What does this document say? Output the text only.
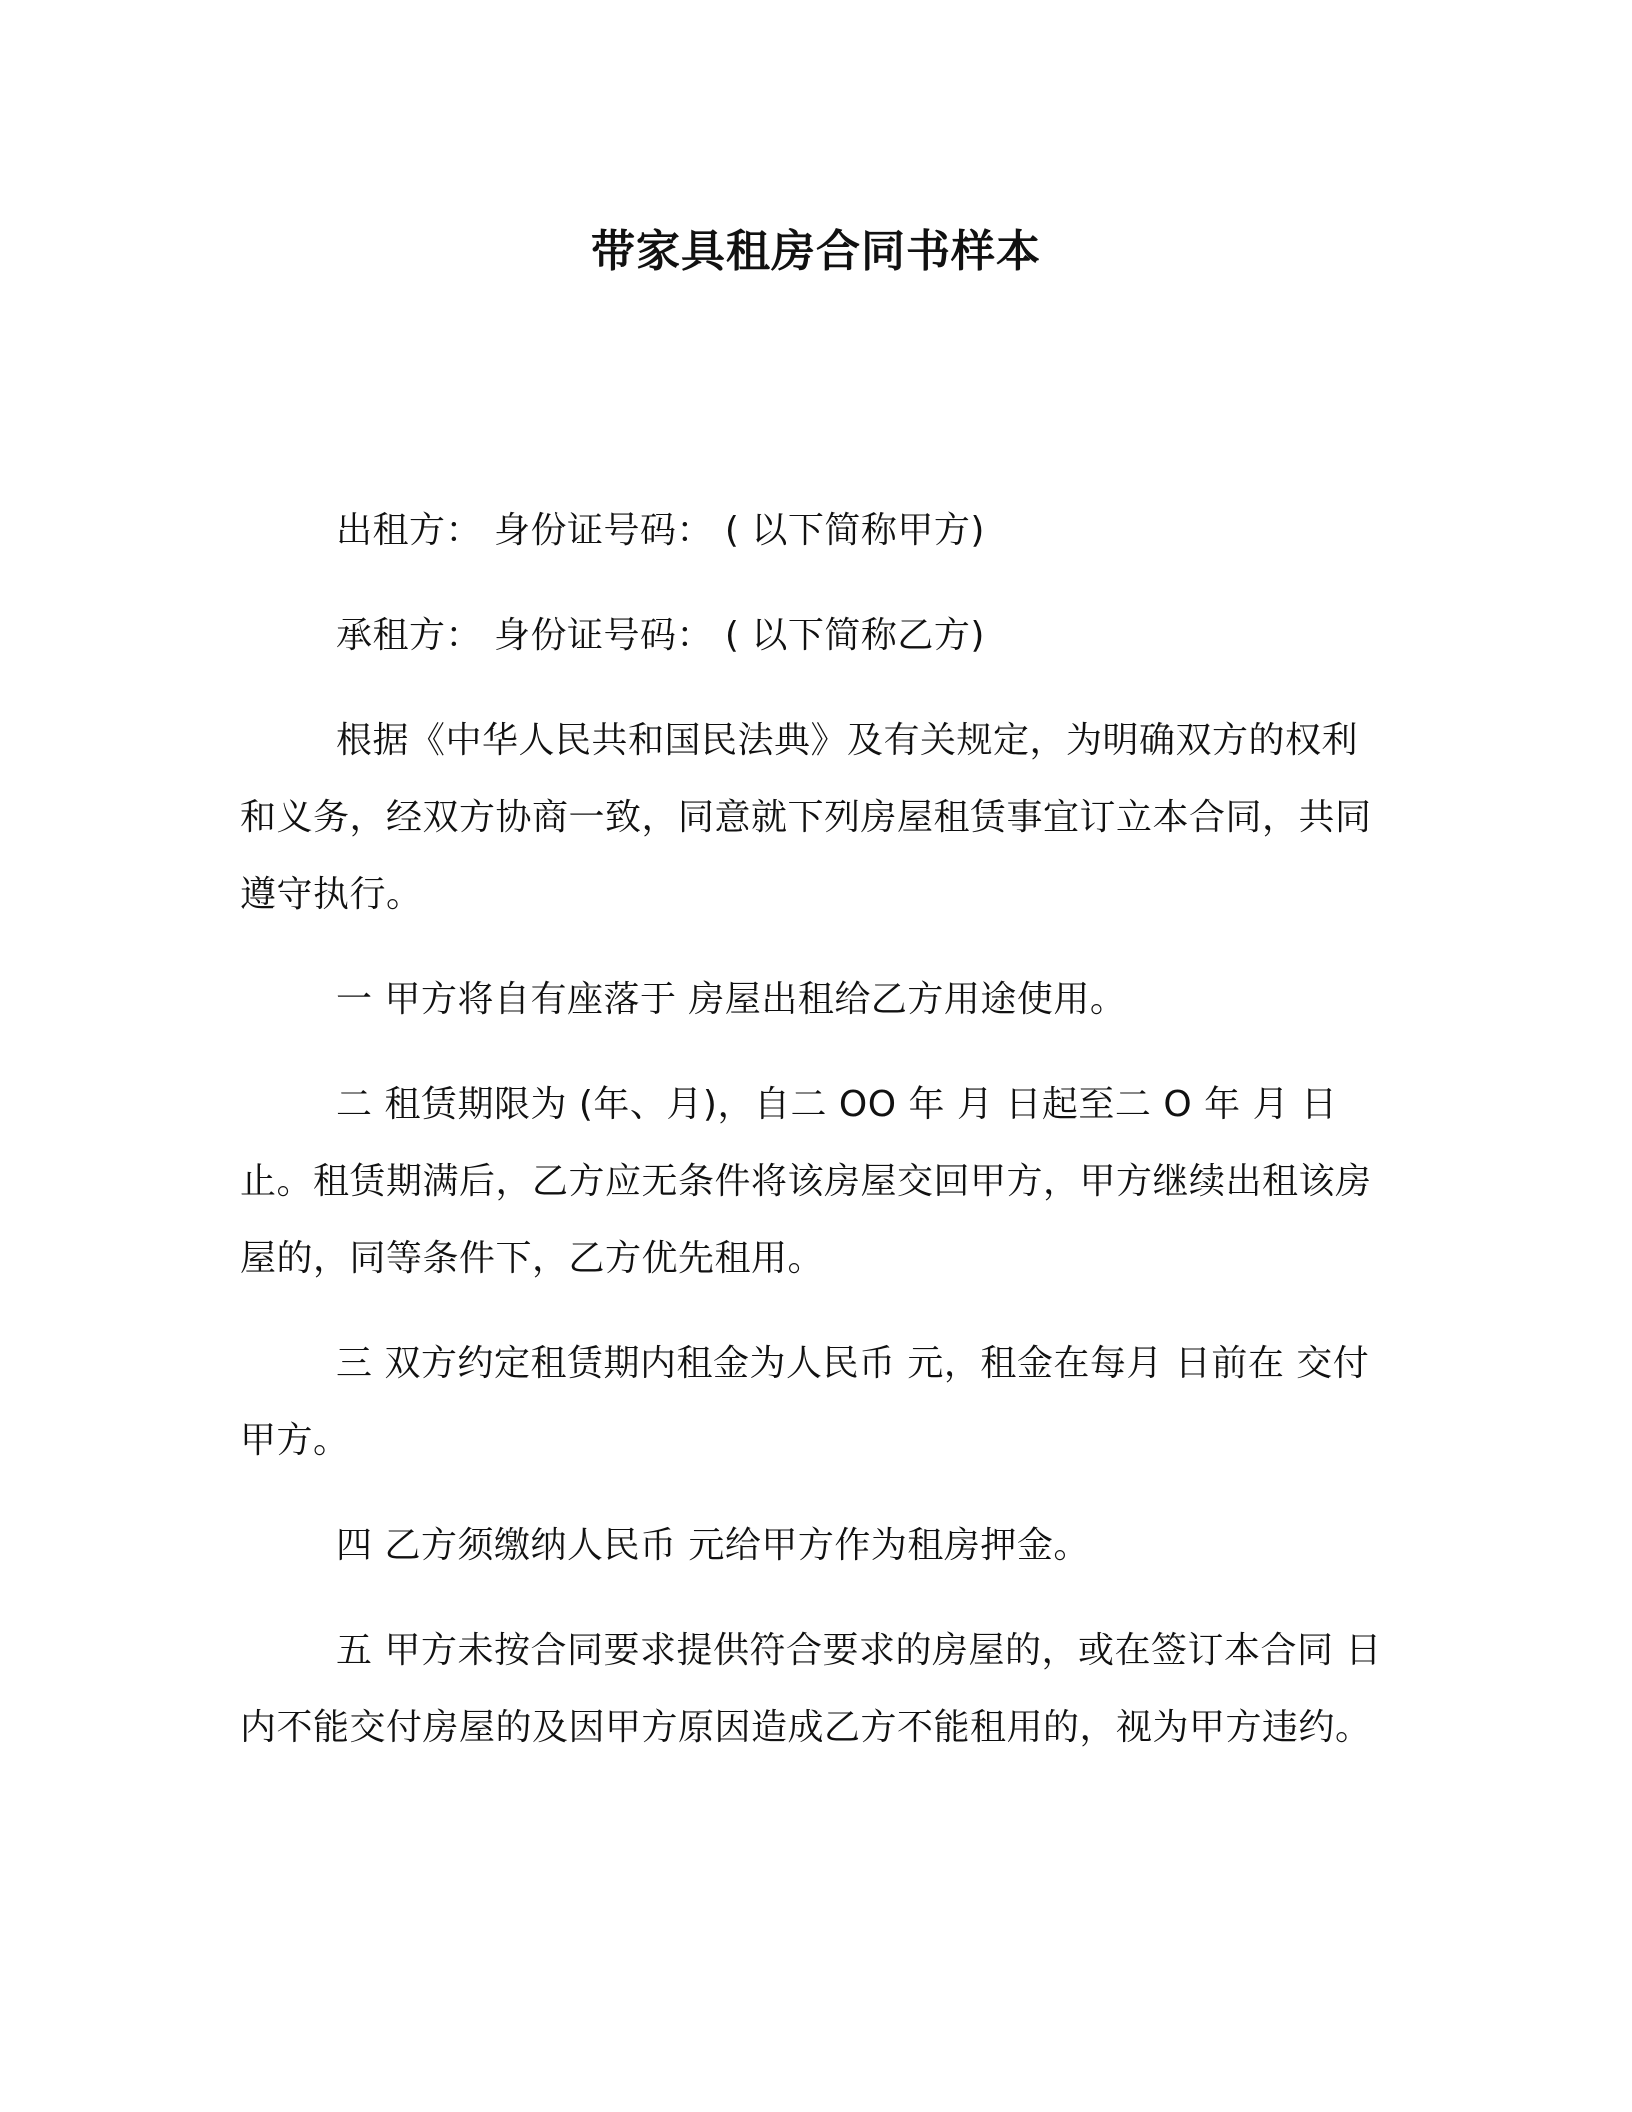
带家具租房合同书样本

出租方： 身份证号码： ( 以下简称甲方)

承租方： 身份证号码： ( 以下简称乙方)

根据《中华人民共和国民法典》及有关规定，为明确双方的权利和义务，经双方协商一致，同意就下列房屋租赁事宜订立本合同，共同遵守执行。

一 甲方将自有座落于 房屋出租给乙方用途使用。

二 租赁期限为 (年、月)，自二 OO 年 月 日起至二 O 年 月 日止。租赁期满后，乙方应无条件将该房屋交回甲方，甲方继续出租该房屋的，同等条件下，乙方优先租用。

三 双方约定租赁期内租金为人民币 元，租金在每月 日前在 交付甲方。

四 乙方须缴纳人民币 元给甲方作为租房押金。

五 甲方未按合同要求提供符合要求的房屋的，或在签订本合同 日内不能交付房屋的及因甲方原因造成乙方不能租用的，视为甲方违约。
